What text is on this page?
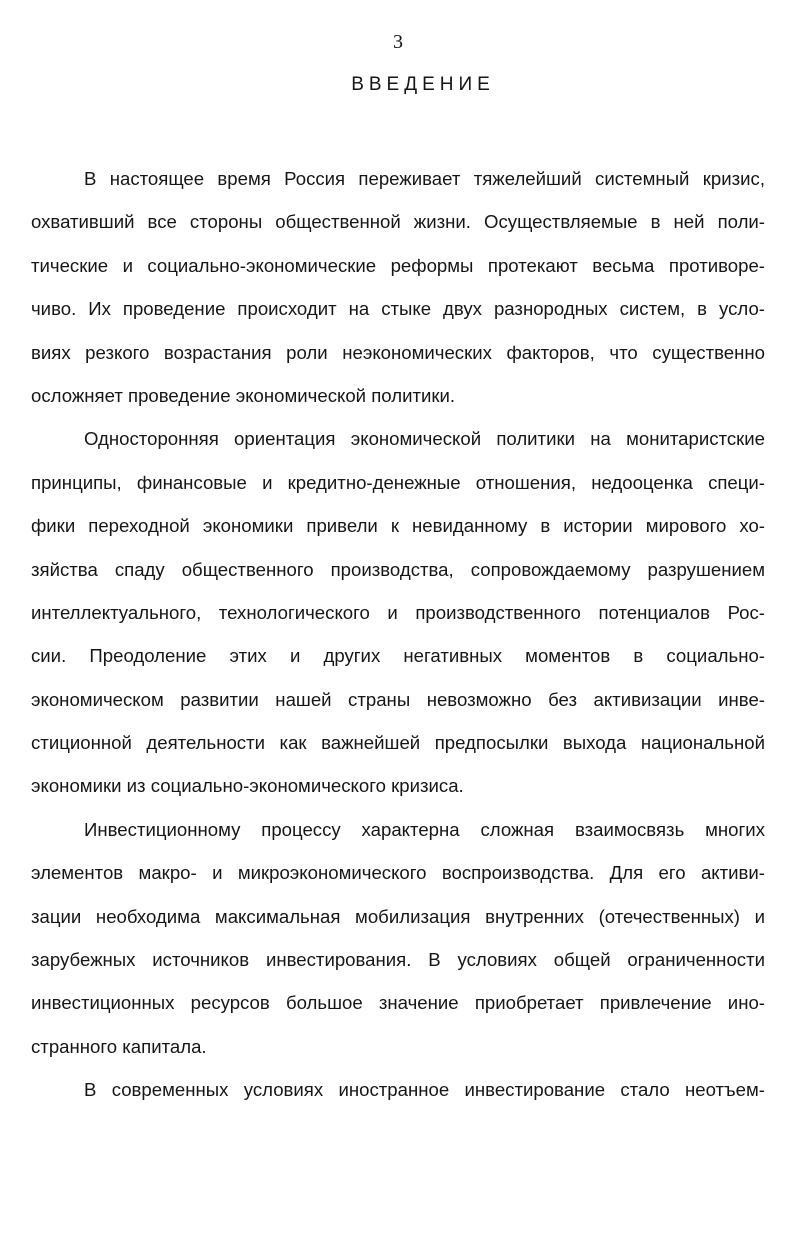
3
ВВЕДЕНИЕ
В настоящее время Россия переживает тяжелейший системный кризис,
охвативший все стороны общественной жизни. Осуществляемые в ней поли-
тические и социально-экономические реформы протекают весьма противоре-
чиво. Их проведение происходит на стыке двух разнородных систем, в усло-
виях резкого возрастания роли неэкономических факторов, что существенно
осложняет проведение экономической политики.
Односторонняя ориентация экономической политики на монитаристские
принципы, финансовые и кредитно-денежные отношения, недооценка специ-
фики переходной экономики привели к невиданному в истории мирового хо-
зяйства спаду общественного производства, сопровождаемому разрушением
интеллектуального, технологического и производственного потенциалов Рос-
сии. Преодоление этих и других негативных моментов в социально-
экономическом развитии нашей страны невозможно без активизации инве-
стиционной деятельности как важнейшей предпосылки выхода национальной
экономики из социально-экономического кризиса.
Инвестиционному процессу характерна сложная взаимосвязь многих
элементов макро- и микроэкономического воспроизводства. Для его активи-
зации необходима максимальная мобилизация внутренних (отечественных) и
зарубежных источников инвестирования. В условиях общей ограниченности
инвестиционных ресурсов большое значение приобретает привлечение ино-
странного капитала.
В современных условиях иностранное инвестирование стало неотъем-
